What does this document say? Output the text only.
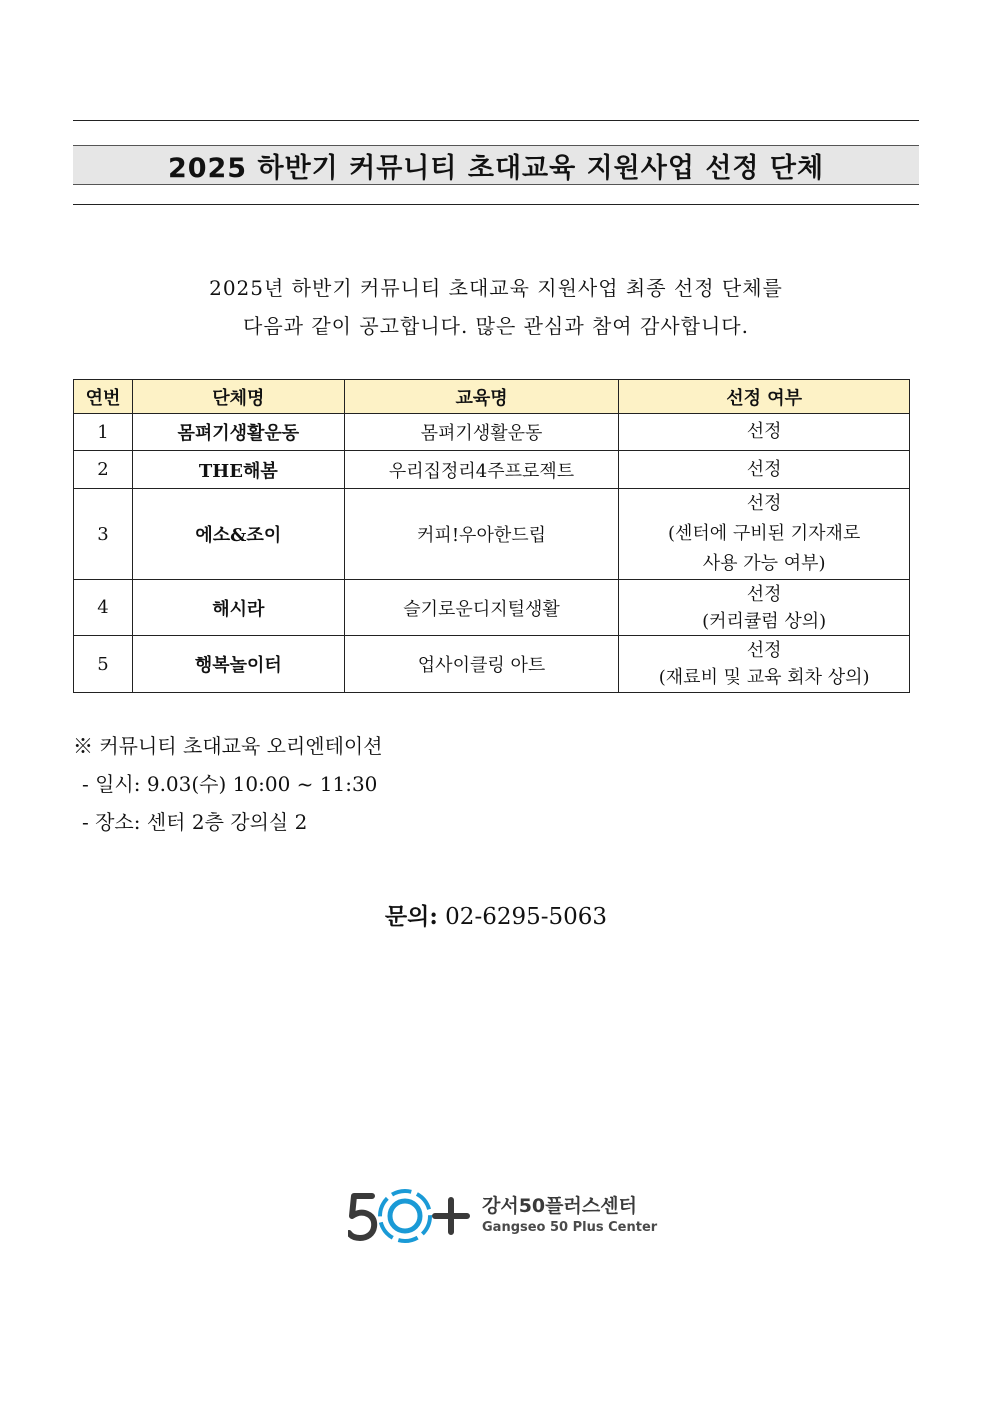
2025 하반기 커뮤니티 초대교육 지원사업 선정 단체
2025년 하반기 커뮤니티 초대교육 지원사업 최종 선정 단체를
다음과 같이 공고합니다. 많은 관심과 참여 감사합니다.
연번	단체명	교육명	선정 여부
1	몸펴기생활운동	몸펴기생활운동	선정

2	THE해봄	우리집정리4주프로젝트	선정

3	에소&조이	커피!우아한드립	선정
(센터에 구비된 기자재로
사용 가능 여부)

4	해시라	슬기로운디지털생활	선정
(커리큘럼 상의)

5	행복놀이터	업사이클링 아트	선정
(재료비 및 교육 회차 상의)
※ 커뮤니티 초대교육 오리엔테이션
- 일시: 9.03(수) 10:00 ~ 11:30
- 장소: 센터 2층 강의실 2
문의: 02-6295-5063
강서50플러스센터
Gangseo 50 Plus Center
